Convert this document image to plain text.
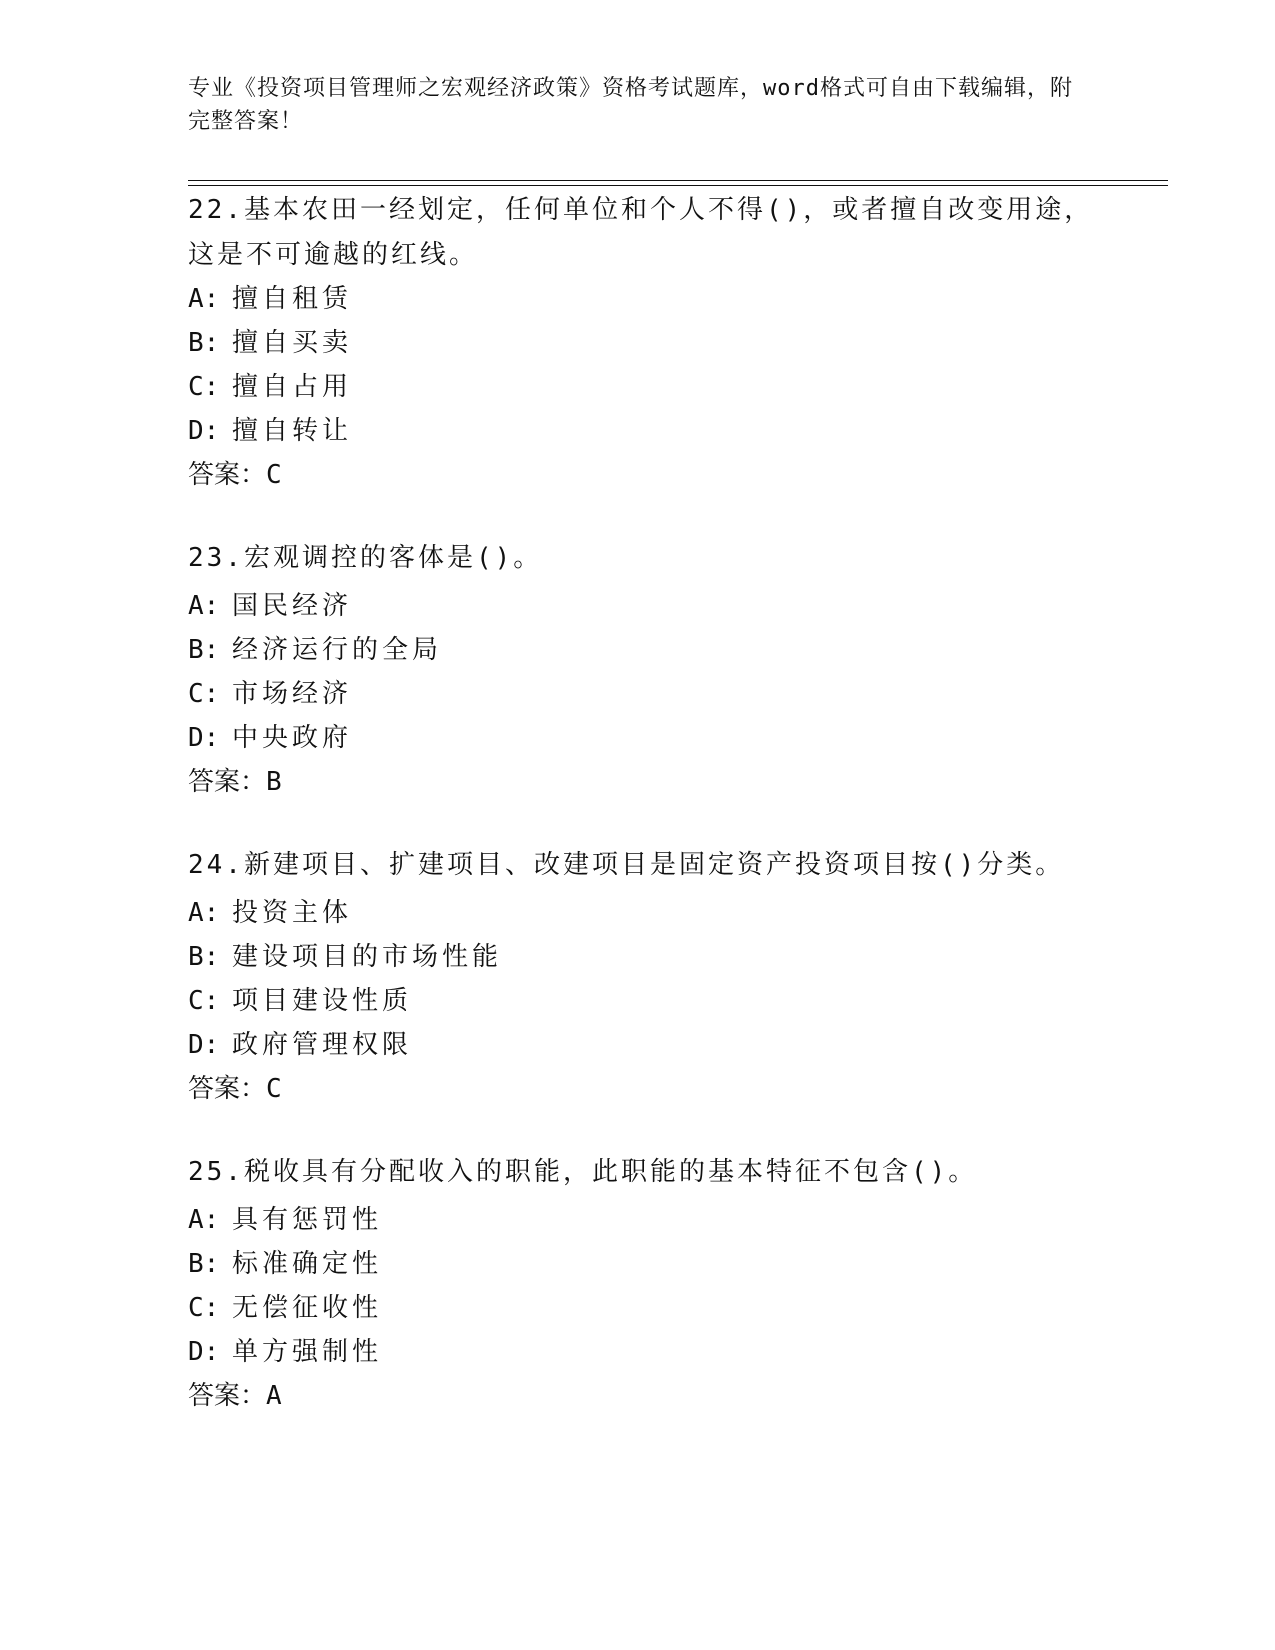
专业《投资项目管理师之宏观经济政策》资格考试题库，word格式可自由下载编辑，附完整答案！
22.基本农田一经划定，任何单位和个人不得()，或者擅自改变用途，这是不可逾越的红线。
A: 擅自租赁
B: 擅自买卖
C: 擅自占用
D: 擅自转让
答案：C
23.宏观调控的客体是()。
A: 国民经济
B: 经济运行的全局
C: 市场经济
D: 中央政府
答案：B
24.新建项目、扩建项目、改建项目是固定资产投资项目按()分类。
A: 投资主体
B: 建设项目的市场性能
C: 项目建设性质
D: 政府管理权限
答案：C
25.税收具有分配收入的职能，此职能的基本特征不包含()。
A: 具有惩罚性
B: 标准确定性
C: 无偿征收性
D: 单方强制性
答案：A
